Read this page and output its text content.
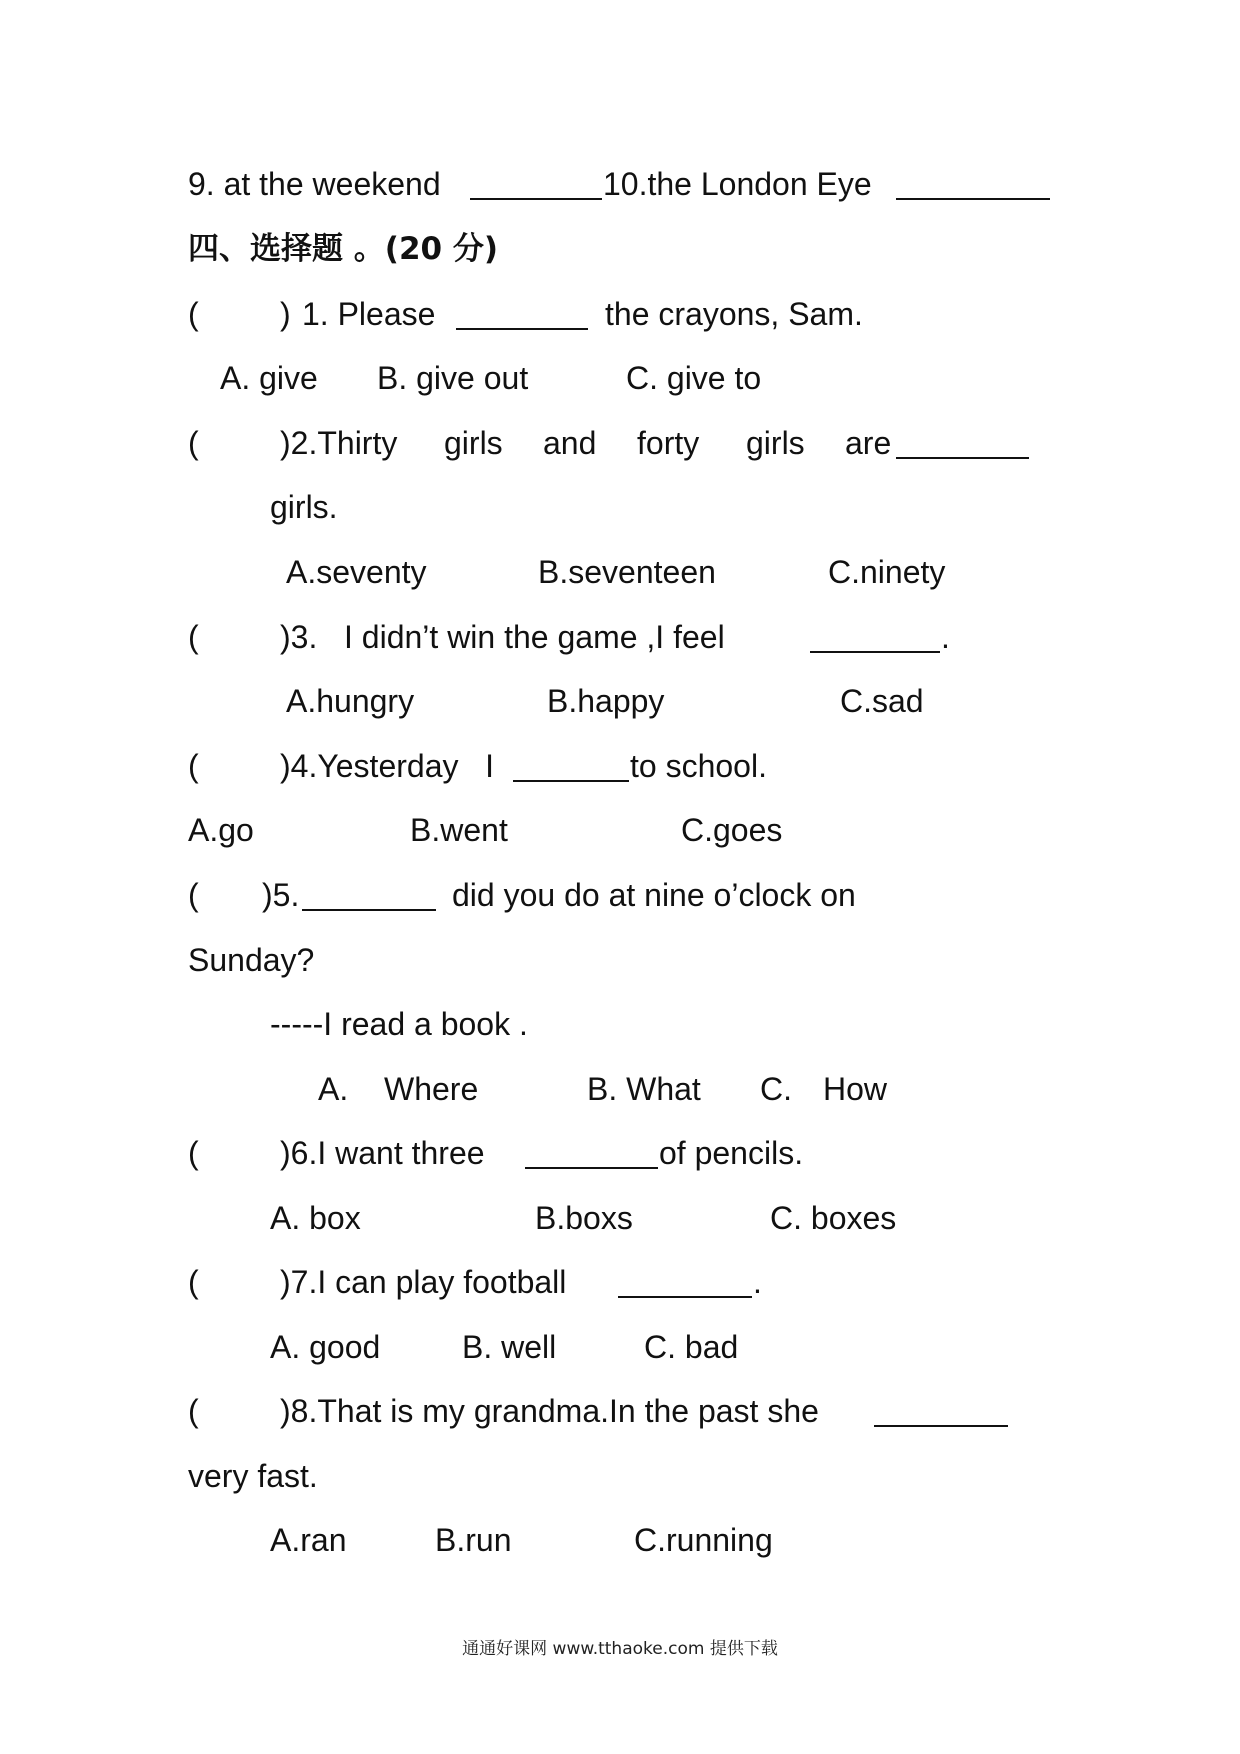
9. at the weekend

	10.the London Eye

四、选择题 。(20 分)

(

	)

1. Please

	the crayons, Sam.

A. give

B. give out

	C. give to

(

	)2.Thirty

girls

and

forty

girls

are

girls.

A.seventy

	B.seventeen

	C.ninety

(

	)3.   I didn’t win the game ,I feel

	.

A.hungry

	B.happy

	C.sad

(

	)4.Yesterday   I

	to school.

A.go

	B.went

	C.goes

(

)5.

	did you do at nine o’clock on

Sunday?

-----I read a book .

A.

Where

	B. What

C.

How

(

	)6.I want three

	of pencils.

A. box

	B.boxs

	C. boxes

(

	)7.I can play football

	.

A. good

	B. well

	C. bad

(

	)8.That is my grandma.In the past she

very fast.

A.ran

	B.run

	C.running

通通好课网 www.tthaoke.com 提供下载
